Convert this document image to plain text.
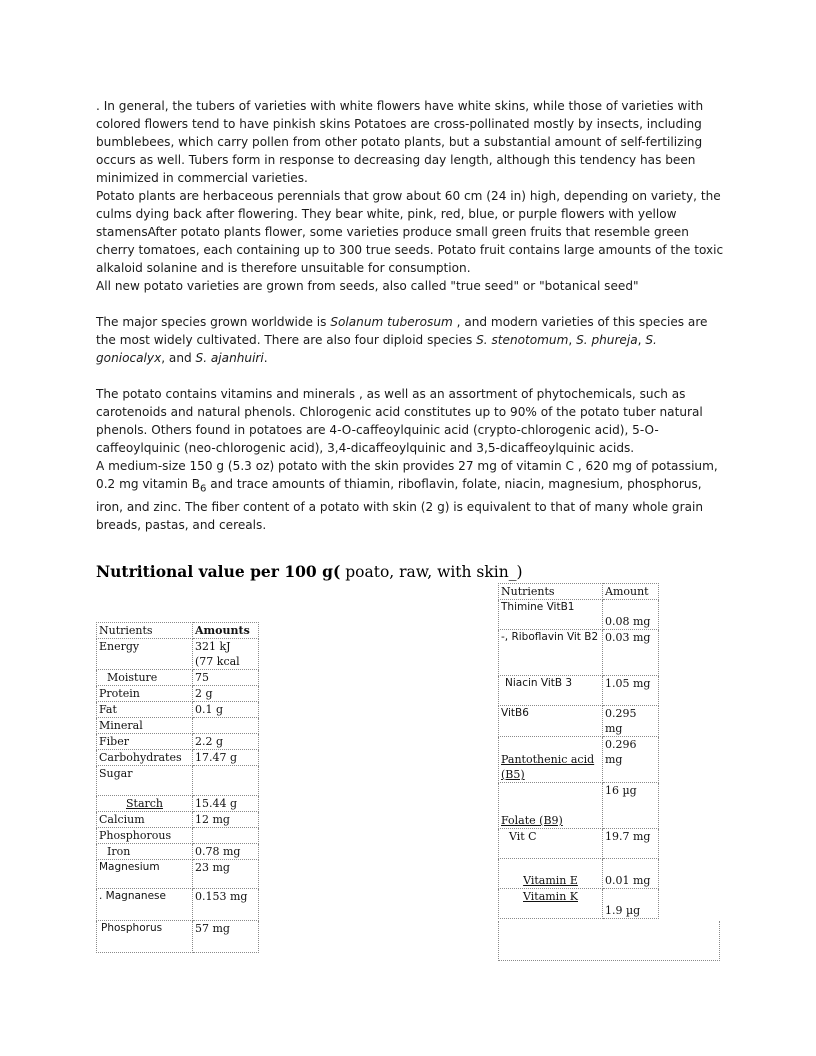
. In general, the tubers of varieties with white flowers have white skins, while those of varieties with colored flowers tend to have pinkish skins Potatoes are cross-pollinated mostly by insects, including bumblebees, which carry pollen from other potato plants, but a substantial amount of self-fertilizing occurs as well. Tubers form in response to decreasing day length, although this tendency has been minimized in commercial varieties.

Potato plants are herbaceous perennials that grow about 60 cm (24 in) high, depending on variety, the culms dying back after flowering. They bear white, pink, red, blue, or purple flowers with yellow stamensAfter potato plants flower, some varieties produce small green fruits that resemble green cherry tomatoes, each containing up to 300 true seeds. Potato fruit contains large amounts of the toxic alkaloid solanine and is therefore unsuitable for consumption.

All new potato varieties are grown from seeds, also called "true seed" or "botanical seed"

The major species grown worldwide is Solanum tuberosum , and modern varieties of this species are the most widely cultivated. There are also four diploid species S. stenotomum, S. phureja, S. goniocalyx, and S. ajanhuiri.

The potato contains vitamins and minerals , as well as an assortment of phytochemicals, such as carotenoids and natural phenols. Chlorogenic acid constitutes up to 90% of the potato tuber natural phenols. Others found in potatoes are 4-O-caffeoylquinic acid (crypto-chlorogenic acid), 5-O-caffeoylquinic (neo-chlorogenic acid), 3,4-dicaffeoylquinic and 3,5-dicaffeoylquinic acids.

A medium-size 150 g (5.3 oz) potato with the skin provides 27 mg of vitamin C , 620 mg of potassium, 0.2 mg vitamin $B_6$ and trace amounts of thiamin, riboflavin, folate, niacin, magnesium, phosphorus, iron, and zinc. The fiber content of a potato with skin (2 g) is equivalent to that of many whole grain breads, pastas, and cereals.

Nutritional value per 100 g( poato, raw, with skin_)
Nutrients	Amounts
Energy	321 kJ
(77 kcal
Moisture	75
Protein	2 g
Fat	0.1 g
Mineral	
Fiber	2.2 g
Carbohydrates	17.47 g
Sugar	
Starch	15.44 g
Calcium	12 mg
Phosphorous	
Iron	0.78 mg
Magnesium	23 mg
. Magnanese	0.153 mg
Phosphorus	57 mg
Nutrients	Amount
Thimine VitB1	0.08 mg
-, Riboflavin Vit B2	0.03 mg
Niacin VitB 3	1.05 mg
VitB6	0.295 mg
Pantothenic acid (B5)	0.296 mg
Folate (B9)	16 µg
Vit C	19.7 mg
Vitamin E	0.01 mg
Vitamin K	1.9 µg
